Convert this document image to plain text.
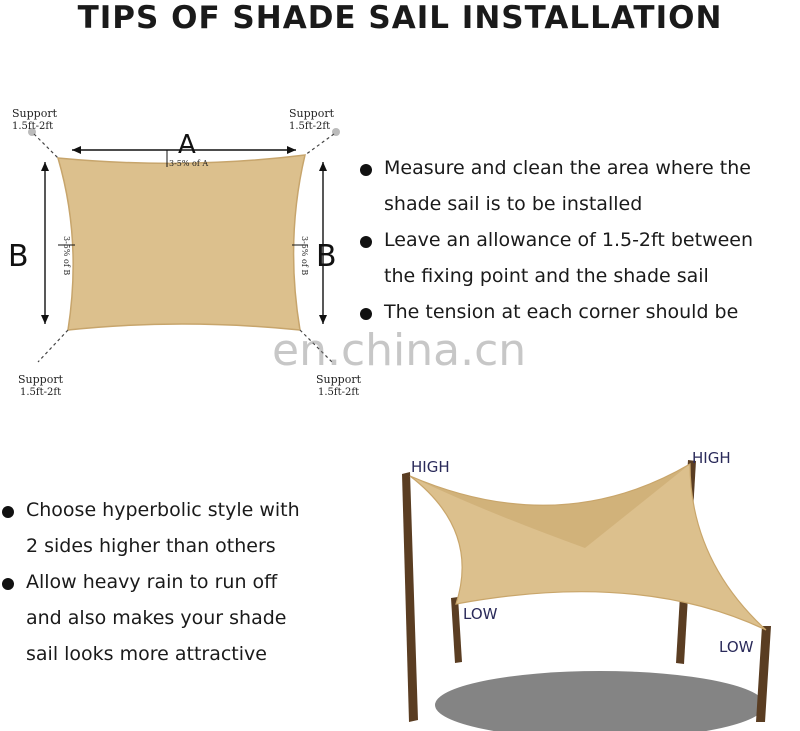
TIPS OF SHADE SAIL INSTALLATION
Support
1.5ft-2ft
Support
1.5ft-2ft
Support
1.5ft-2ft
Support
1.5ft-2ft
A
3-5% of A
B	B
3-5% of B	3-5% of B
HIGH	HIGH
LOW
LOW
en.china.cn
Measure and clean the area where the
shade sail is to be installed
Leave an allowance of 1.5-2ft between
the fixing point and the shade sail
The tension at each corner should be
Choose hyperbolic style with
2 sides higher than others
Allow heavy rain to run off
and also makes your shade
sail looks more attractive
